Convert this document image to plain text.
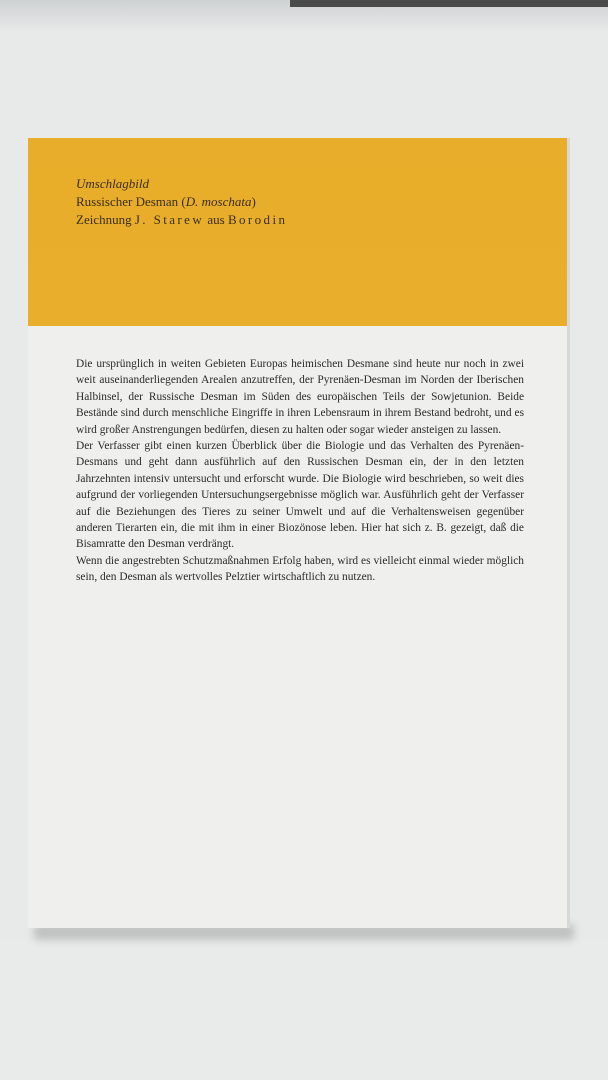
Umschlagbild
Russischer Desman (D. moschata)
Zeichnung J. Starew aus Borodin

Die ursprünglich in weiten Gebieten Europas heimischen Desmane sind heute nur noch in zwei weit auseinanderliegenden Arealen anzutreffen, der Pyrenäen-Desman im Norden der Iberischen Halbinsel, der Russische Desman im Süden des europäischen Teils der Sowjetunion. Beide Bestände sind durch menschliche Eingriffe in ihren Lebensraum in ihrem Bestand bedroht, und es wird großer Anstrengungen bedürfen, diesen zu halten oder sogar wieder ansteigen zu lassen.

Der Verfasser gibt einen kurzen Überblick über die Biologie und das Verhalten des Pyrenäen-Desmans und geht dann ausführlich auf den Russischen Desman ein, der in den letzten Jahrzehnten intensiv untersucht und erforscht wurde. Die Biologie wird beschrieben, so weit dies aufgrund der vorliegenden Untersuchungsergebnisse möglich war. Ausführlich geht der Verfasser auf die Beziehungen des Tieres zu seiner Umwelt und auf die Verhaltensweisen gegenüber anderen Tierarten ein, die mit ihm in einer Biozönose leben. Hier hat sich z. B. gezeigt, daß die Bisamratte den Desman verdrängt.

Wenn die angestrebten Schutzmaßnahmen Erfolg haben, wird es vielleicht einmal wieder möglich sein, den Desman als wertvolles Pelztier wirtschaftlich zu nutzen.
